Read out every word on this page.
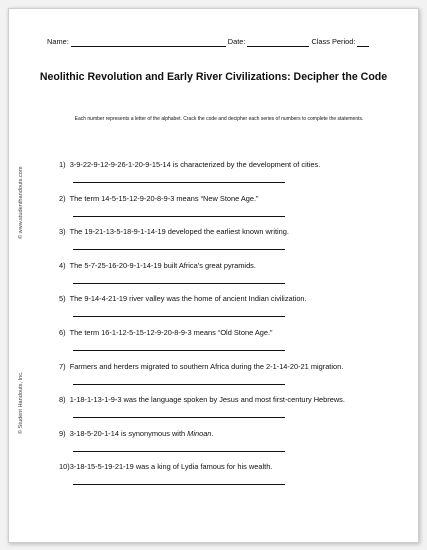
Name:	Date:	Class Period:
Neolithic Revolution and Early River Civilizations: Decipher the Code
Each number represents a letter of the alphabet. Crack the code and decipher each series of numbers to complete the statements.
© www.studenthandouts.com
© Student Handouts, Inc.
1) 3-9-22-9-12-9-26-1-20-9-15-14 is characterized by the development of cities.
2) The term 14-5-15-12-9-20-8-9-3 means “New Stone Age.”
3) The 19-21-13-5-18-9-1-14-19 developed the earliest known writing.
4) The 5-7-25-16-20-9-1-14-19 built Africa’s great pyramids.
5) The 9-14-4-21-19 river valley was the home of ancient Indian civilization.
6) The term 16-1-12-5-15-12-9-20-8-9-3 means “Old Stone Age.”
7) Farmers and herders migrated to southern Africa during the 2-1-14-20-21 migration.
8) 1-18-1-13-1-9-3 was the language spoken by Jesus and most first-century Hebrews.
9) 3-18-5-20-1-14 is synonymous with Minoan.
10)3-18-15-5-19-21-19 was a king of Lydia famous for his wealth.
